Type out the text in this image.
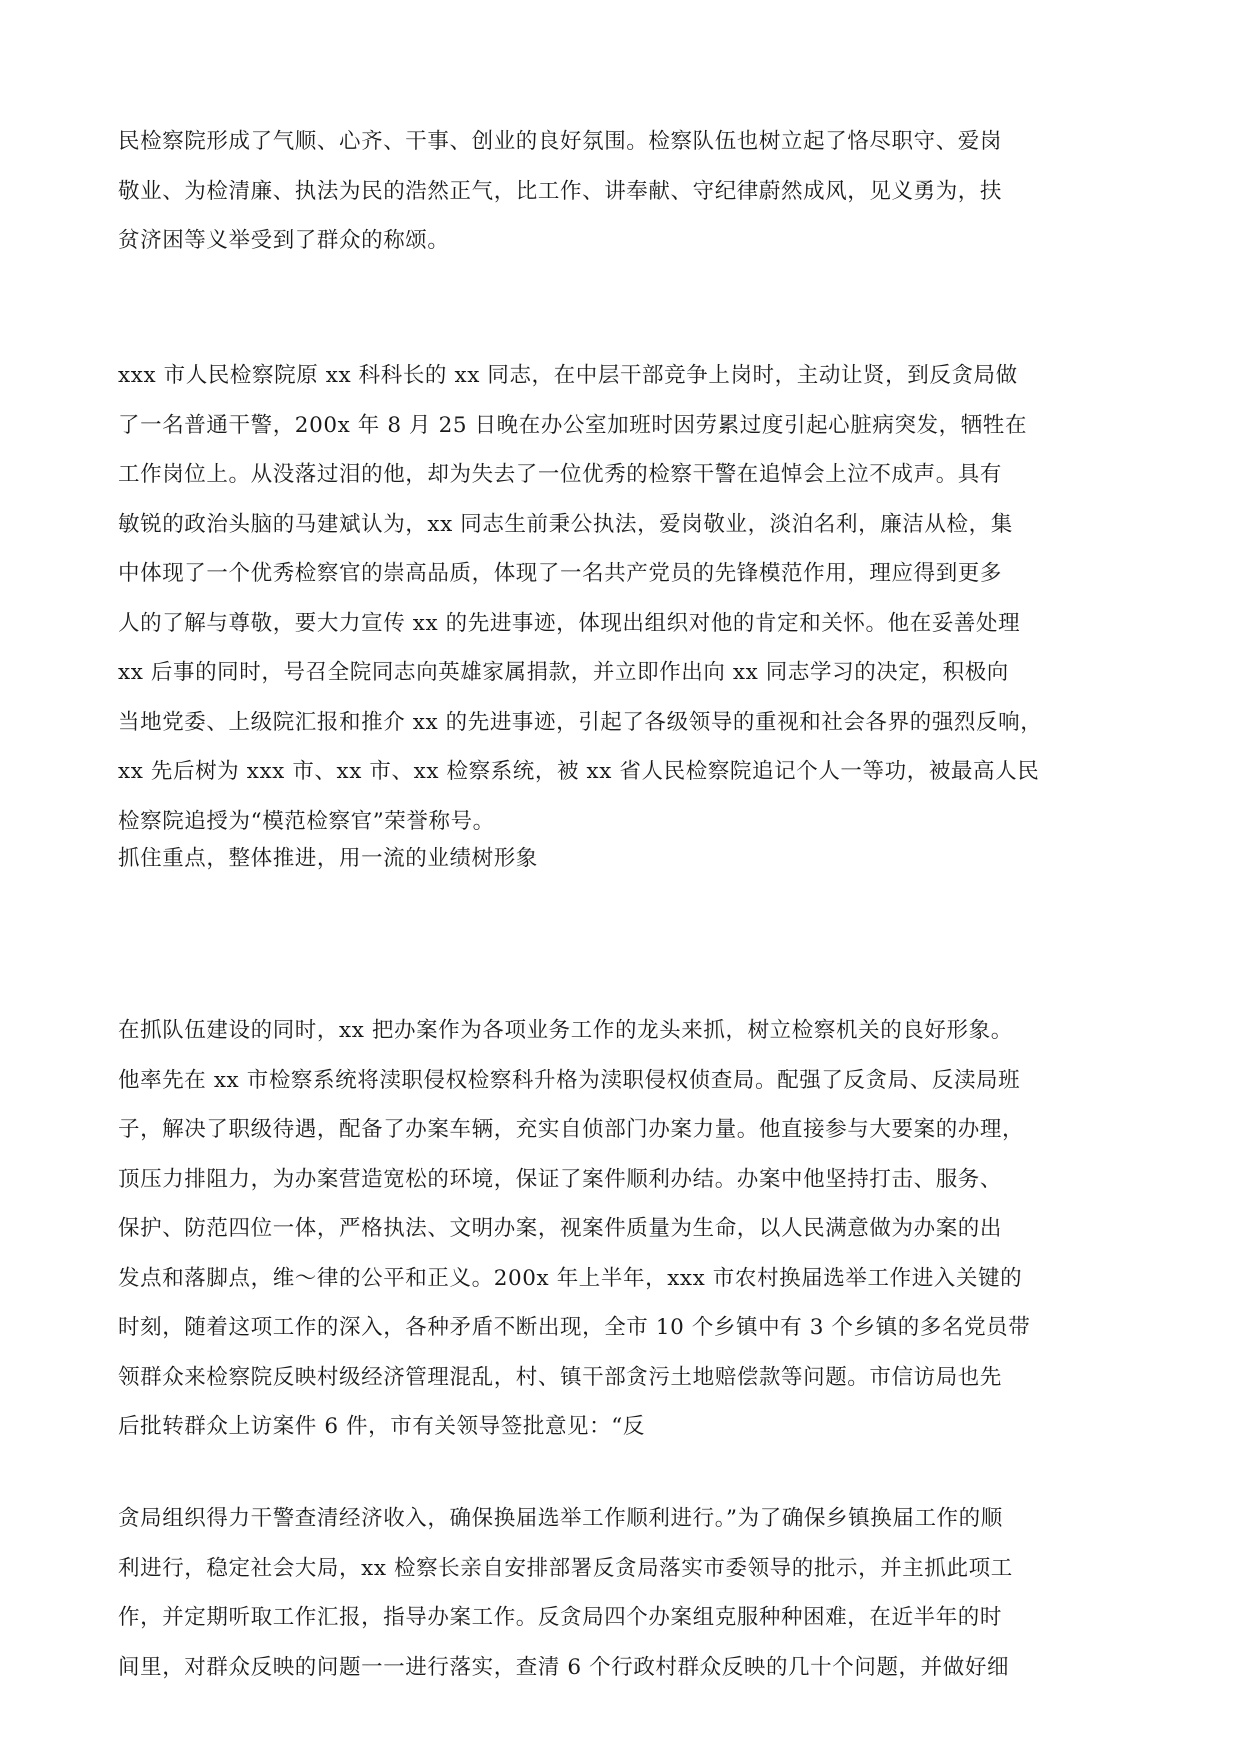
民检察院形成了气顺、心齐、干事、创业的良好氛围。检察队伍也树立起了恪尽职守、爱岗
敬业、为检清廉、执法为民的浩然正气，比工作、讲奉献、守纪律蔚然成风，见义勇为，扶
贫济困等义举受到了群众的称颂。
xxx 市人民检察院原 xx 科科长的 xx 同志，在中层干部竞争上岗时，主动让贤，到反贪局做
了一名普通干警，200x 年 8 月 25 日晚在办公室加班时因劳累过度引起心脏病突发，牺牲在
工作岗位上。从没落过泪的他，却为失去了一位优秀的检察干警在追悼会上泣不成声。具有
敏锐的政治头脑的马建斌认为，xx 同志生前秉公执法，爱岗敬业，淡泊名利，廉洁从检，集
中体现了一个优秀检察官的崇高品质，体现了一名共产党员的先锋模范作用，理应得到更多
人的了解与尊敬，要大力宣传 xx 的先进事迹，体现出组织对他的肯定和关怀。他在妥善处理
xx 后事的同时，号召全院同志向英雄家属捐款，并立即作出向 xx 同志学习的决定，积极向
当地党委、上级院汇报和推介 xx 的先进事迹，引起了各级领导的重视和社会各界的强烈反响，
xx 先后树为 xxx 市、xx 市、xx 检察系统，被 xx 省人民检察院追记个人一等功，被最高人民
检察院追授为“模范检察官”荣誉称号。
抓住重点，整体推进，用一流的业绩树形象
在抓队伍建设的同时，xx 把办案作为各项业务工作的龙头来抓，树立检察机关的良好形象。
他率先在 xx 市检察系统将渎职侵权检察科升格为渎职侵权侦查局。配强了反贪局、反渎局班
子，解决了职级待遇，配备了办案车辆，充实自侦部门办案力量。他直接参与大要案的办理，
顶压力排阻力，为办案营造宽松的环境，保证了案件顺利办结。办案中他坚持打击、服务、
保护、防范四位一体，严格执法、文明办案，视案件质量为生命，以人民满意做为办案的出
发点和落脚点，维～律的公平和正义。200x 年上半年，xxx 市农村换届选举工作进入关键的
时刻，随着这项工作的深入，各种矛盾不断出现，全市 10 个乡镇中有 3 个乡镇的多名党员带
领群众来检察院反映村级经济管理混乱，村、镇干部贪污土地赔偿款等问题。市信访局也先
后批转群众上访案件 6 件，市有关领导签批意见：“反
贪局组织得力干警查清经济收入，确保换届选举工作顺利进行。”为了确保乡镇换届工作的顺
利进行，稳定社会大局，xx 检察长亲自安排部署反贪局落实市委领导的批示，并主抓此项工
作，并定期听取工作汇报，指导办案工作。反贪局四个办案组克服种种困难，在近半年的时
间里，对群众反映的问题一一进行落实，查清 6 个行政村群众反映的几十个问题，并做好细
